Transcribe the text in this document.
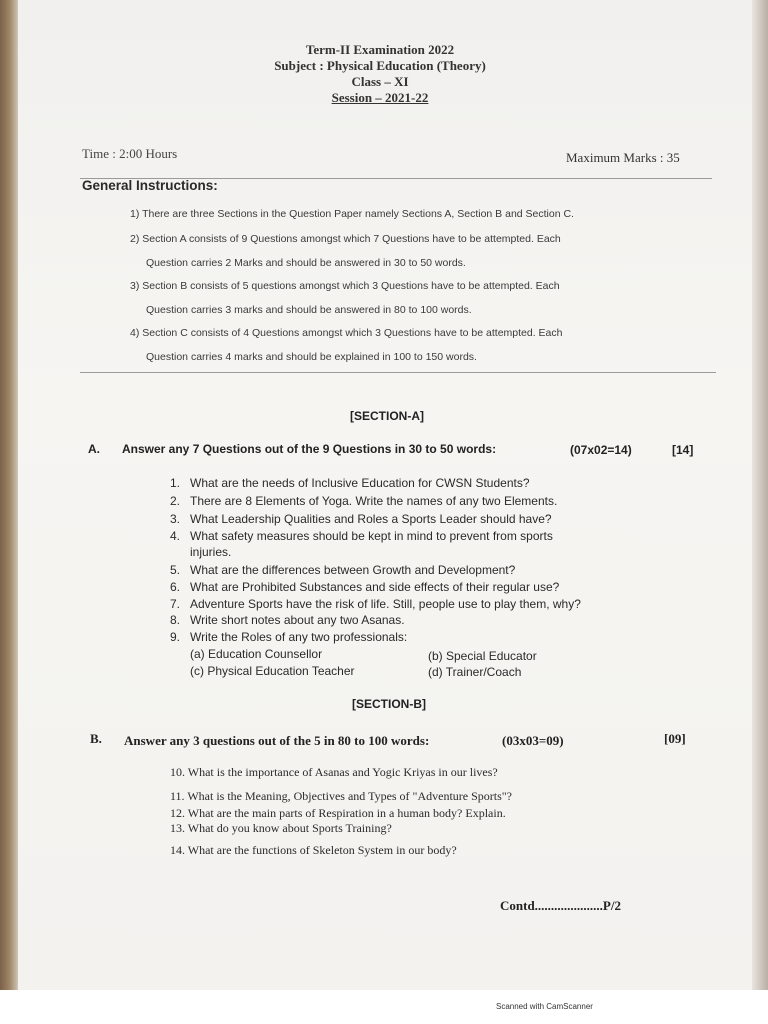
Term-II Examination 2022
Subject : Physical Education (Theory)
Class – XI
Session – 2021-22
Time : 2:00 Hours	Maximum Marks : 35
General Instructions:
1) There are three Sections in the Question Paper namely Sections A, Section B and Section C.
2) Section A consists of 9 Questions amongst which 7 Questions have to be attempted. Each
Question carries 2 Marks and should be answered in 30 to 50 words.
3) Section B consists of 5 questions amongst which 3 Questions have to be attempted. Each
Question carries 3 marks and should be answered in 80 to 100 words.
4) Section C consists of 4 Questions amongst which 3 Questions have to be attempted. Each
Question carries 4 marks and should be explained in 100 to 150 words.
[SECTION-A]
A. Answer any 7 Questions out of the 9 Questions in 30 to 50 words:	(07x02=14)	[14]
1. What are the needs of Inclusive Education for CWSN Students?
2. There are 8 Elements of Yoga. Write the names of any two Elements.
3. What Leadership Qualities and Roles a Sports Leader should have?
4. What safety measures should be kept in mind to prevent from sports
injuries.
5. What are the differences between Growth and Development?
6. What are Prohibited Substances and side effects of their regular use?
7. Adventure Sports have the risk of life. Still, people use to play them, why?
8. Write short notes about any two Asanas.
9. Write the Roles of any two professionals:
(a) Education Counsellor	(b) Special Educator
(c) Physical Education Teacher	(d) Trainer/Coach
[SECTION-B]
B. Answer any 3 questions out of the 5 in 80 to 100 words:	(03x03=09)	[09]
10. What is the importance of Asanas and Yogic Kriyas in our lives?
11. What is the Meaning, Objectives and Types of "Adventure Sports"?
12. What are the main parts of Respiration in a human body? Explain.
13. What do you know about Sports Training?
14. What are the functions of Skeleton System in our body?
Contd.....................P/2
Scanned with CamScanner
